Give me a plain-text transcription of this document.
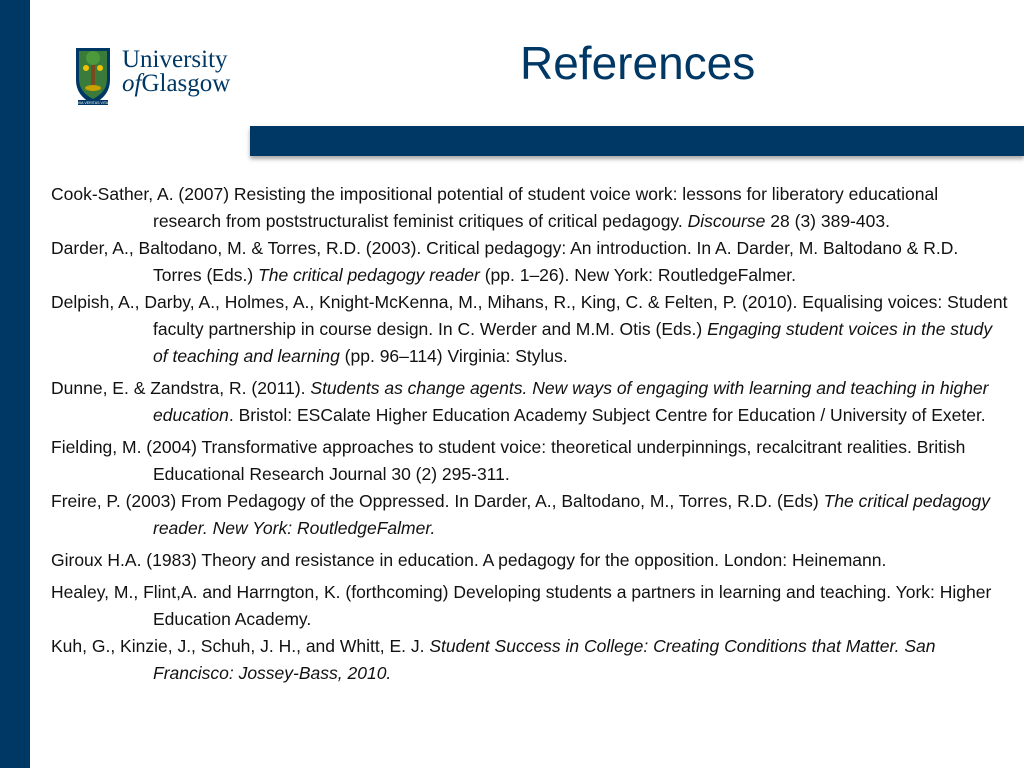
VIA VERITAS VITA
University
ofGlasgow	References
Cook-Sather, A. (2007) Resisting the impositional potential of student voice work: lessons for liberatory educational research from poststructuralist feminist critiques of critical pedagogy. Discourse 28 (3) 389-403.
Darder, A., Baltodano, M. & Torres, R.D. (2003). Critical pedagogy: An introduction. In A. Darder, M. Baltodano & R.D. Torres (Eds.) The critical pedagogy reader (pp. 1–26). New York: RoutledgeFalmer.
Delpish, A., Darby, A., Holmes, A., Knight-McKenna, M., Mihans, R., King, C. & Felten, P. (2010). Equalising voices: Student faculty partnership in course design. In C. Werder and M.M. Otis (Eds.) Engaging student voices in the study of teaching and learning (pp. 96–114) Virginia: Stylus.
Dunne, E. & Zandstra, R. (2011). Students as change agents. New ways of engaging with learning and teaching in higher education. Bristol: ESCalate Higher Education Academy Subject Centre for Education / University of Exeter.
Fielding, M. (2004) Transformative approaches to student voice: theoretical underpinnings, recalcitrant realities. British Educational Research Journal 30 (2) 295-311.
Freire, P. (2003) From Pedagogy of the Oppressed. In Darder, A., Baltodano, M., Torres, R.D. (Eds) The critical pedagogy reader. New York: RoutledgeFalmer.
Giroux H.A. (1983) Theory and resistance in education. A pedagogy for the opposition. London: Heinemann.
Healey, M., Flint,A. and Harrngton, K. (forthcoming) Developing students a partners in learning and teaching. York: Higher Education Academy.
Kuh, G., Kinzie, J., Schuh, J. H., and Whitt, E. J. Student Success in College: Creating Conditions that Matter. San Francisco: Jossey-Bass, 2010.
